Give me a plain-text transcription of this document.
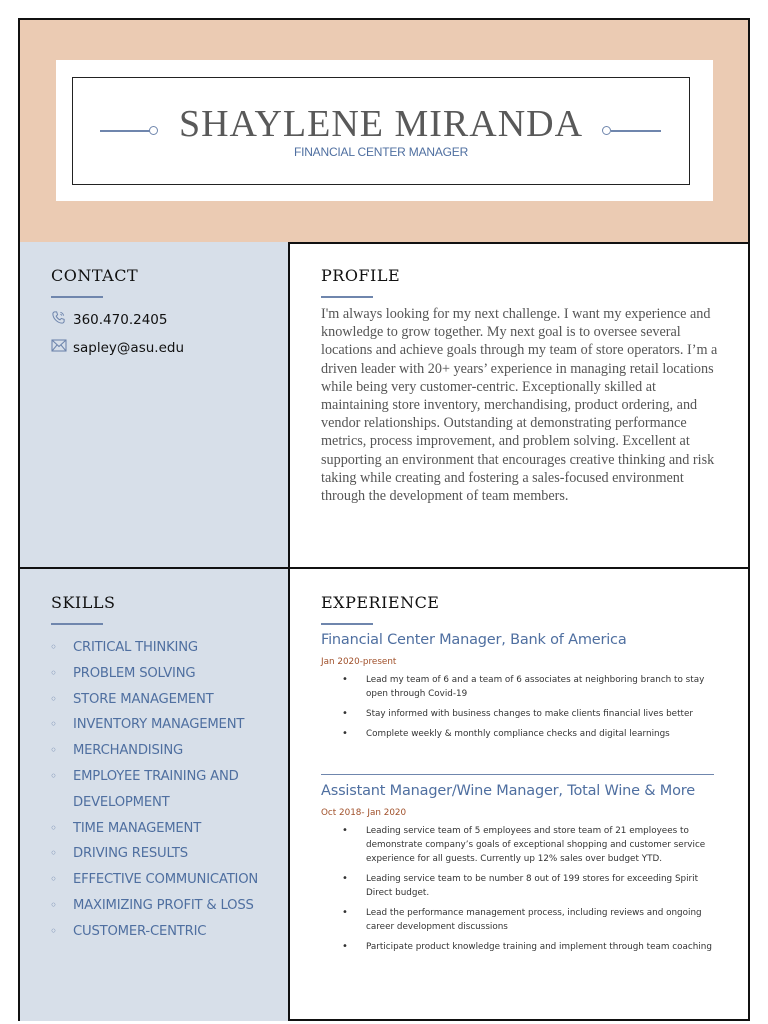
SHAYLENE MIRANDA
FINANCIAL CENTER MANAGER
CONTACT
360.470.2405
sapley@asu.edu
PROFILE
I'm always looking for my next challenge. I want my experience and knowledge to grow together. My next goal is to oversee several locations and achieve goals through my team of store operators. I’m a driven leader with 20+ years’ experience in managing retail locations while being very customer-centric. Exceptionally skilled at maintaining store inventory, merchandising, product ordering, and vendor relationships. Outstanding at demonstrating performance metrics, process improvement, and problem solving. Excellent at supporting an environment that encourages creative thinking and risk taking while creating and fostering a sales-focused environment through the development of team members.
SKILLS
◦ CRITICAL THINKING
◦ PROBLEM SOLVING
◦ STORE MANAGEMENT
◦ INVENTORY MANAGEMENT
◦ MERCHANDISING
◦ EMPLOYEE TRAINING AND DEVELOPMENT
◦ TIME MANAGEMENT
◦ DRIVING RESULTS
◦ EFFECTIVE COMMUNICATION
◦ MAXIMIZING PROFIT & LOSS
◦ CUSTOMER-CENTRIC
EXPERIENCE
Financial Center Manager, Bank of America
Jan 2020-present
• Lead my team of 6 and a team of 6 associates at neighboring branch to stay open through Covid-19
• Stay informed with business changes to make clients financial lives better
• Complete weekly & monthly compliance checks and digital learnings
Assistant Manager/Wine Manager, Total Wine & More
Oct 2018- Jan 2020
• Leading service team of 5 employees and store team of 21 employees to demonstrate company’s goals of exceptional shopping and customer service experience for all guests. Currently up 12% sales over budget YTD.
• Leading service team to be number 8 out of 199 stores for exceeding Spirit Direct budget.
• Lead the performance management process, including reviews and ongoing career development discussions
• Participate product knowledge training and implement through team coaching
